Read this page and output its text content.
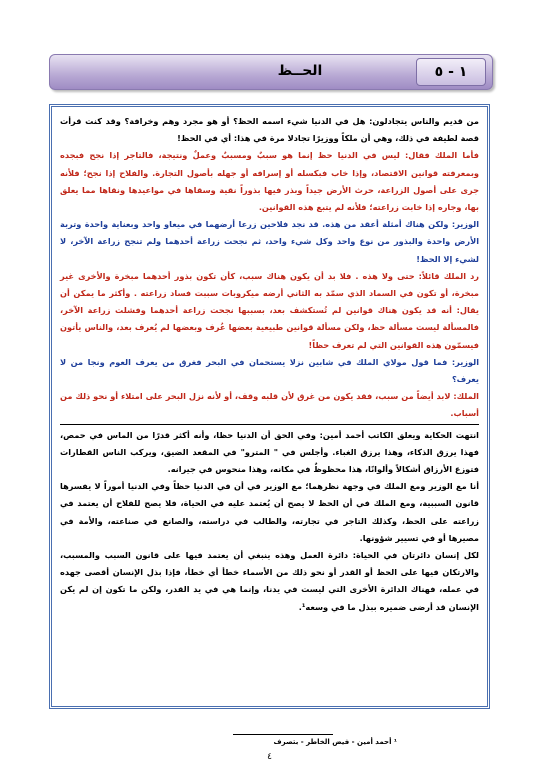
١ - ٥
الحــظ

من قديم والناس يتجادلون: هل في الدنيا شيء اسمه الحظ؟ أو هو مجرد وهم وخرافة؟ وقد كنت قرأت قصة لطيفة في ذلك، وهي أن ملكاً ووزيرًا تجادلا مرة في هذا: أي في الحظ!

فأما الملك فقال: ليس في الدنيا حظ إنما هو سببٌ ومسببٌ وعملٌ ونتيجة، فالتاجر إذا نجح فبجده وبمعرفته قوانين الاقتصاد، وإذا خاب فبكسله أو إسرافه أو جهله بأصول التجارة. والفلاح إذا نجح؛ فلأنه جرى على أصول الزراعة، حرث الأرض جيداً وبذر فيها بذوراً نقية وسقاها في مواعيدها ونقاها مما يعلق بها، وجاره إذا خابت زراعته؛ فلأنه لم يتبع هذه القوانين.

الوزير: ولكن هناك أمثلة أعقد من هذه. قد نجد فلاحين زرعا أرضهما في ميعاو واحد وبعناية واحدة وتربة الأرض واحدة والبذور من نوع واحد وكل شيء واحد، ثم نجحت زراعة أحدهما ولم تنجح زراعة الآخر، لا لشيء إلا الحظ!

رد الملك قائلاً: حتى ولا هذه . فلا بد أن يكون هناك سبب، كأن تكون بذور أحدهما مبخرة والأخرى غير مبخرة، أو تكون في السماد الذي سمّد به الثاني أرضه ميكروبات سببت فساد زراعته . وأكثر ما يمكن أن يقال: أنه قد يكون هناك قوانين لم تُستكشف بعد، بسببها نجحت زراعة أحدهما وفشلت زراعة الآخر، فالمسألة ليست مسألة حظ، ولكن مسألة قوانين طبيعية بعضها عُرف وبعضها لم يُعرف بعد، والناس يأتون فيسمّون هذه القوانين التي لم تعرف حظاً!

الوزير: فما قول مولاي الملك في شابين نزلا يستحمان في البحر فغرق من يعرف العوم ونجا من لا يعرف؟

الملك: لابد أيضاً من سبب، فقد يكون من غرق لأن قلبه وقف، أو لأنه نزل البحر على امتلاء أو نحو ذلك من أسباب.

انتهت الحكاية ويعلق الكاتب أحمد أمين: وفي الحق أن الدنيا حظا، وأنه أكثر قدرًا من الماس في حمص، فهذا يرزق الذكاء، وهذا يرزق الغباء. وأجلس في " المترو" في المقعد الضيق، ويركب الناس القطارات فتوزع الأرزاق أشكالاً وألوانًا، هذا محظوظٌ في مكانه، وهذا منحوس في جيرانه.

أنا مع الوزير ومع الملك في وجهة نظرهما؛ مع الوزير في أن في الدنيا حظاً وفي الدنيا أموراً لا يفسرها قانون السببية، ومع الملك في أن الحظ لا يصح أن يُعتمد عليه في الحياة، فلا يصح للفلاح أن يعتمد في زراعته على الحظ، وكذلك التاجر في تجارته، والطالب في دراسته، والصانع في صناعته، والأمة في مصيرها أو في تسيير شؤونها.

لكل إنسان دائرتان في الحياة: دائرة العمل وهذه ينبغي أن يعتمد فيها على قانون السبب والمسبب، والارتكان فيها على الحظ أو القدر أو نحو ذلك من الأسماء خطأ أي خطأ، فإذا بذل الإنسان أقصى جهده في عمله، فهناك الدائرة الأخرى التي ليست في يدنا، وإنما هي في يد القدر، ولكن ما تكون إن لم يكن الإنسان قد أرضى ضميره ببذل ما في وسعه¹.

¹ أحمد أمين - فيض الخاطر - بتصرف
٤
